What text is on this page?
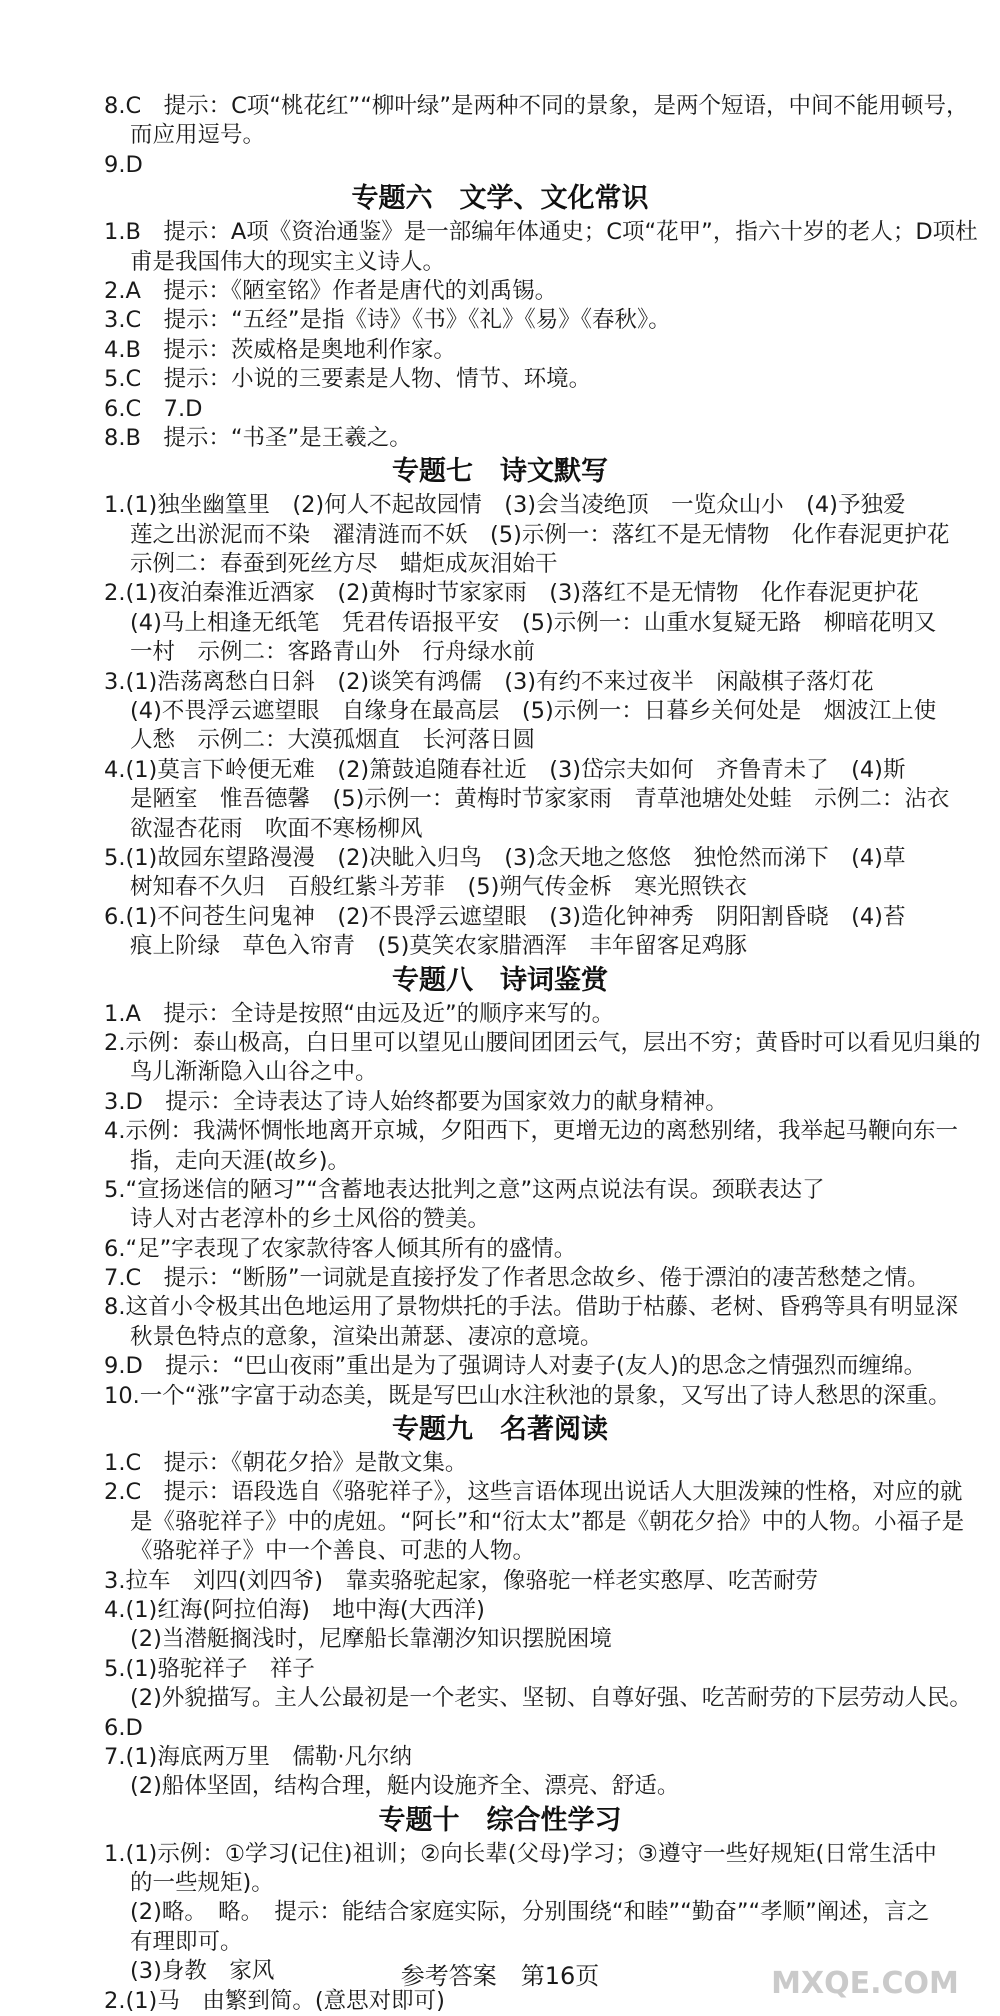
8.C　提示：C项“桃花红”“柳叶绿”是两种不同的景象，是两个短语，中间不能用顿号，
而应用逗号。
9.D
专题六　文学、文化常识
1.B　提示：A项《资治通鉴》是一部编年体通史；C项“花甲”，指六十岁的老人；D项杜
甫是我国伟大的现实主义诗人。
2.A　提示：《陋室铭》作者是唐代的刘禹锡。
3.C　提示：“五经”是指《诗》《书》《礼》《易》《春秋》。
4.B　提示：茨威格是奥地利作家。
5.C　提示：小说的三要素是人物、情节、环境。
6.C　7.D
8.B　提示：“书圣”是王羲之。
专题七　诗文默写
1.(1)独坐幽篁里　(2)何人不起故园情　(3)会当凌绝顶　一览众山小　(4)予独爱
莲之出淤泥而不染　濯清涟而不妖　(5)示例一：落红不是无情物　化作春泥更护花
示例二：春蚕到死丝方尽　蜡炬成灰泪始干
2.(1)夜泊秦淮近酒家　(2)黄梅时节家家雨　(3)落红不是无情物　化作春泥更护花
(4)马上相逢无纸笔　凭君传语报平安　(5)示例一：山重水复疑无路　柳暗花明又
一村　示例二：客路青山外　行舟绿水前
3.(1)浩荡离愁白日斜　(2)谈笑有鸿儒　(3)有约不来过夜半　闲敲棋子落灯花
(4)不畏浮云遮望眼　自缘身在最高层　(5)示例一：日暮乡关何处是　烟波江上使
人愁　示例二：大漠孤烟直　长河落日圆
4.(1)莫言下岭便无难　(2)箫鼓追随春社近　(3)岱宗夫如何　齐鲁青未了　(4)斯
是陋室　惟吾德馨　(5)示例一：黄梅时节家家雨　青草池塘处处蛙　示例二：沾衣
欲湿杏花雨　吹面不寒杨柳风
5.(1)故园东望路漫漫　(2)决眦入归鸟　(3)念天地之悠悠　独怆然而涕下　(4)草
树知春不久归　百般红紫斗芳菲　(5)朔气传金柝　寒光照铁衣
6.(1)不问苍生问鬼神　(2)不畏浮云遮望眼　(3)造化钟神秀　阴阳割昏晓　(4)苔
痕上阶绿　草色入帘青　(5)莫笑农家腊酒浑　丰年留客足鸡豚
专题八　诗词鉴赏
1.A　提示：全诗是按照“由远及近”的顺序来写的。
2.示例：泰山极高，白日里可以望见山腰间团团云气，层出不穷；黄昏时可以看见归巢的
鸟儿渐渐隐入山谷之中。
3.D　提示：全诗表达了诗人始终都要为国家效力的献身精神。
4.示例：我满怀惆怅地离开京城，夕阳西下，更增无边的离愁别绪，我举起马鞭向东一
指，走向天涯(故乡)。
5.“宣扬迷信的陋习”“含蓄地表达批判之意”这两点说法有误。颈联表达了
诗人对古老淳朴的乡土风俗的赞美。
6.“足”字表现了农家款待客人倾其所有的盛情。
7.C　提示：“断肠”一词就是直接抒发了作者思念故乡、倦于漂泊的凄苦愁楚之情。
8.这首小令极其出色地运用了景物烘托的手法。借助于枯藤、老树、昏鸦等具有明显深
秋景色特点的意象，渲染出萧瑟、凄凉的意境。
9.D　提示：“巴山夜雨”重出是为了强调诗人对妻子(友人)的思念之情强烈而缠绵。
10.一个“涨”字富于动态美，既是写巴山水注秋池的景象，又写出了诗人愁思的深重。
专题九　名著阅读
1.C　提示：《朝花夕拾》是散文集。
2.C　提示：语段选自《骆驼祥子》，这些言语体现出说话人大胆泼辣的性格，对应的就
是《骆驼祥子》中的虎妞。“阿长”和“衍太太”都是《朝花夕拾》中的人物。小福子是
《骆驼祥子》中一个善良、可悲的人物。
3.拉车　刘四(刘四爷)　靠卖骆驼起家，像骆驼一样老实憨厚、吃苦耐劳
4.(1)红海(阿拉伯海)　地中海(大西洋)
(2)当潜艇搁浅时，尼摩船长靠潮汐知识摆脱困境
5.(1)骆驼祥子　祥子
(2)外貌描写。主人公最初是一个老实、坚韧、自尊好强、吃苦耐劳的下层劳动人民。
6.D
7.(1)海底两万里　儒勒·凡尔纳
(2)船体坚固，结构合理，艇内设施齐全、漂亮、舒适。
专题十　综合性学习
1.(1)示例：①学习(记住)祖训；②向长辈(父母)学习；③遵守一些好规矩(日常生活中
的一些规矩)。
(2)略。　略。　提示：能结合家庭实际，分别围绕“和睦”“勤奋”“孝顺”阐述，言之
有理即可。
(3)身教　家风
2.(1)马　由繁到简。(意思对即可)
参考答案　第16页	MXQE.COM
